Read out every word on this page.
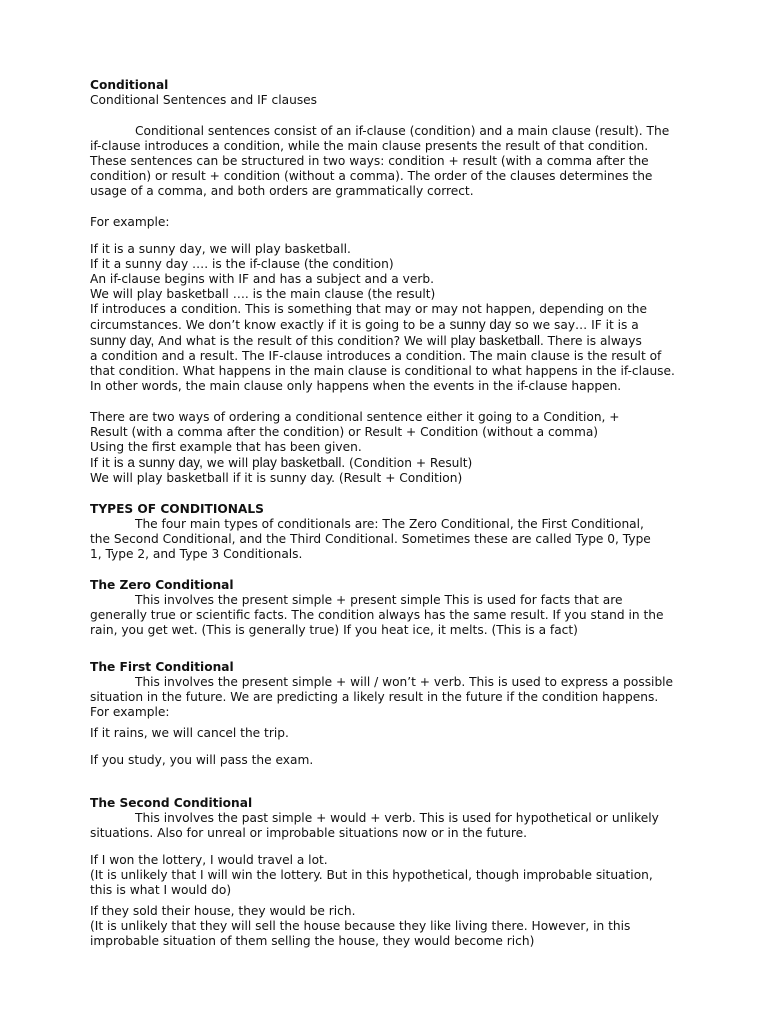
Conditional

Conditional Sentences and IF clauses

Conditional sentences consist of an if-clause (condition) and a main clause (result). The

if-clause introduces a condition, while the main clause presents the result of that condition.

These sentences can be structured in two ways: condition + result (with a comma after the

condition) or result + condition (without a comma). The order of the clauses determines the

usage of a comma, and both orders are grammatically correct.

For example:

If it is a sunny day, we will play basketball.

If it a sunny day …. is the if-clause (the condition)

An if-clause begins with IF and has a subject and a verb.

We will play basketball …. is the main clause (the result)

If introduces a condition. This is something that may or may not happen, depending on the

circumstances. We don’t know exactly if it is going to be a sunny day so we say… IF it is a

sunny day, And what is the result of this condition? We will play basketball. There is always

a condition and a result. The IF-clause introduces a condition. The main clause is the result of

that condition. What happens in the main clause is conditional to what happens in the if-clause.

In other words, the main clause only happens when the events in the if-clause happen.

There are two ways of ordering a conditional sentence either it going to a Condition, +

Result (with a comma after the condition) or Result + Condition (without a comma)

Using the first example that has been given.

If it is a sunny day, we will play basketball. (Condition + Result)

We will play basketball if it is sunny day. (Result + Condition)

TYPES OF CONDITIONALS

The four main types of conditionals are: The Zero Conditional, the First Conditional,

the Second Conditional, and the Third Conditional. Sometimes these are called Type 0, Type

1, Type 2, and Type 3 Conditionals.

The Zero Conditional

This involves the present simple + present simple This is used for facts that are

generally true or scientific facts. The condition always has the same result. If you stand in the

rain, you get wet. (This is generally true) If you heat ice, it melts. (This is a fact)

The First Conditional

This involves the present simple + will / won’t + verb. This is used to express a possible

situation in the future. We are predicting a likely result in the future if the condition happens.

For example:

If it rains, we will cancel the trip.

If you study, you will pass the exam.

The Second Conditional

This involves the past simple + would + verb. This is used for hypothetical or unlikely

situations. Also for unreal or improbable situations now or in the future.

If I won the lottery, I would travel a lot.

(It is unlikely that I will win the lottery. But in this hypothetical, though improbable situation,

this is what I would do)

If they sold their house, they would be rich.

(It is unlikely that they will sell the house because they like living there. However, in this

improbable situation of them selling the house, they would become rich)
